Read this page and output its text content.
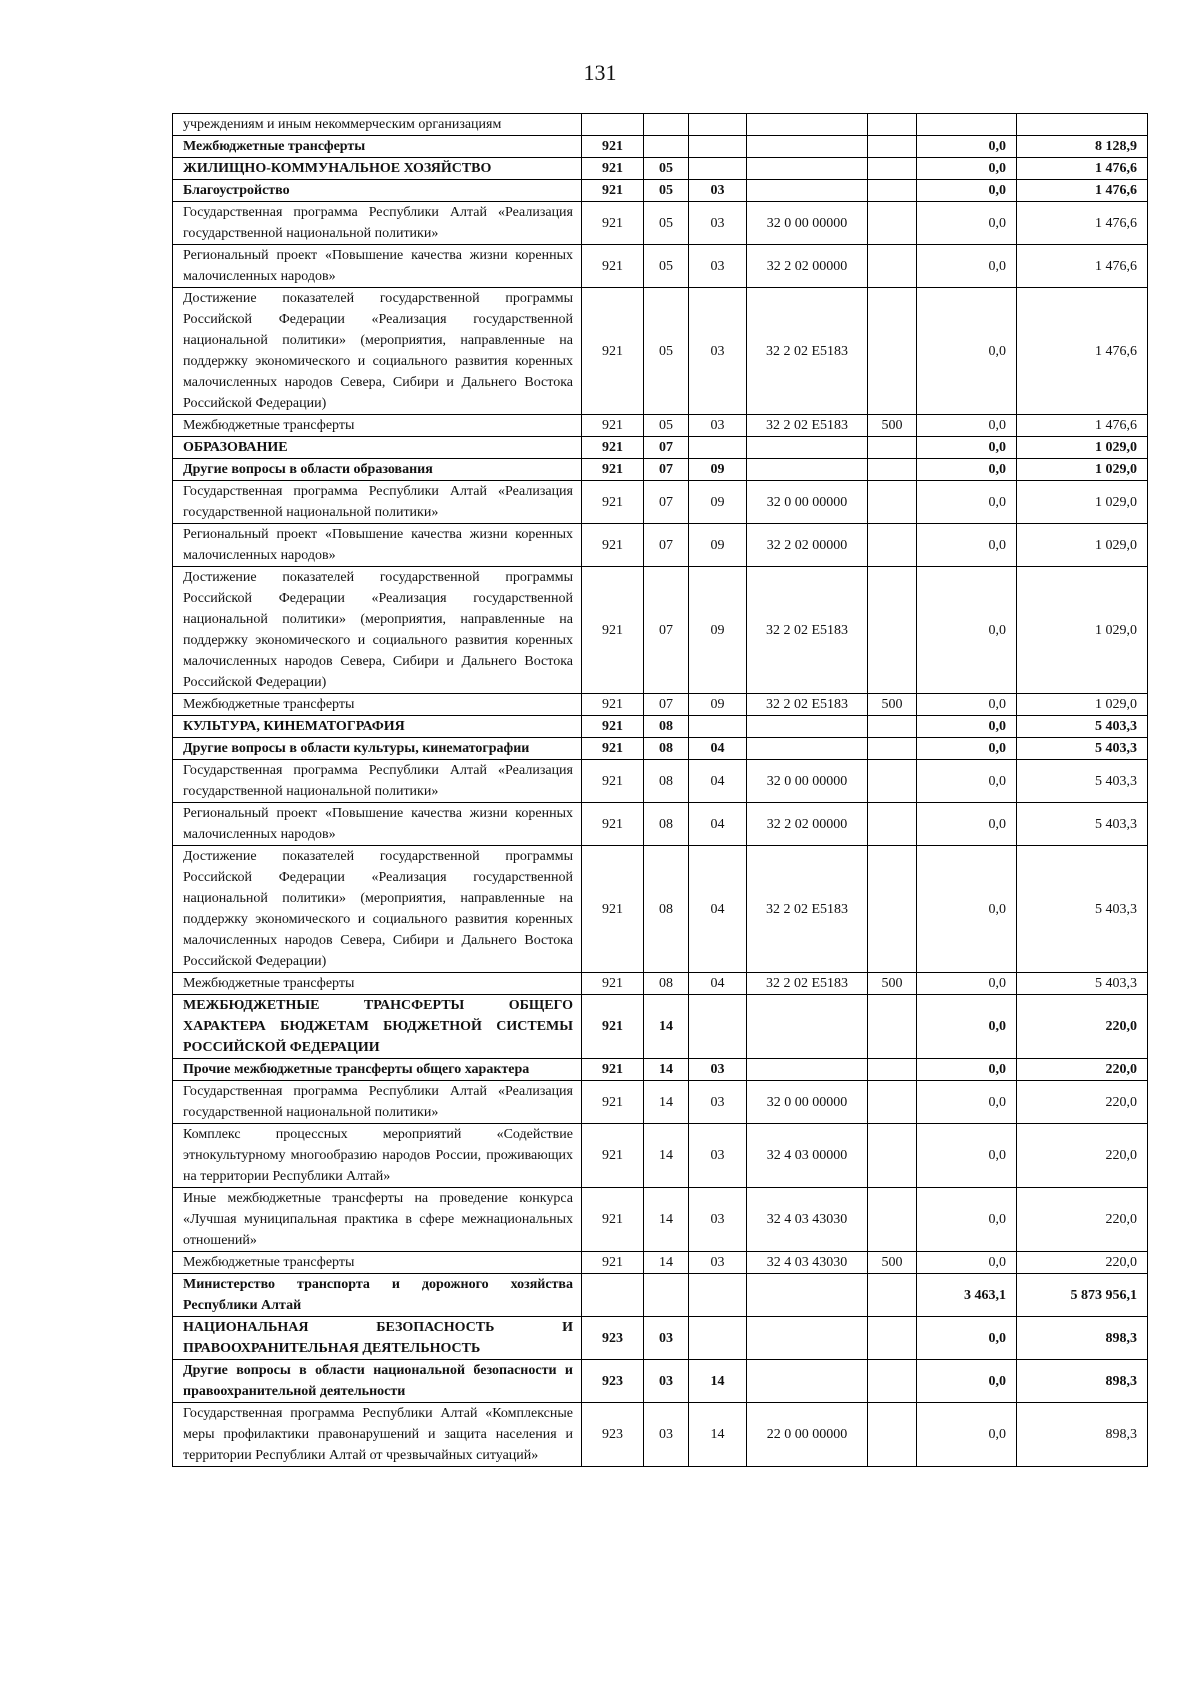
131
учреждениям и иным некоммерческим организациям							
Межбюджетные трансферты	921					0,0	8 128,9
ЖИЛИЩНО-КОММУНАЛЬНОЕ ХОЗЯЙСТВО	921	05				0,0	1 476,6
Благоустройство	921	05	03			0,0	1 476,6
Государственная программа Республики Алтай «Реализация государственной национальной политики»	921	05	03	32 0 00 00000		0,0	1 476,6
Региональный проект «Повышение качества жизни коренных малочисленных народов»	921	05	03	32 2 02 00000		0,0	1 476,6
Достижение показателей государственной программы Российской Федерации «Реализация государственной национальной политики» (мероприятия, направленные на поддержку экономического и социального развития коренных малочисленных народов Севера, Сибири и Дальнего Востока Российской Федерации)	921	05	03	32 2 02 E5183		0,0	1 476,6
Межбюджетные трансферты	921	05	03	32 2 02 E5183	500	0,0	1 476,6
ОБРАЗОВАНИЕ	921	07				0,0	1 029,0
Другие вопросы в области образования	921	07	09			0,0	1 029,0
Государственная программа Республики Алтай «Реализация государственной национальной политики»	921	07	09	32 0 00 00000		0,0	1 029,0
Региональный проект «Повышение качества жизни коренных малочисленных народов»	921	07	09	32 2 02 00000		0,0	1 029,0
Достижение показателей государственной программы Российской Федерации «Реализация государственной национальной политики» (мероприятия, направленные на поддержку экономического и социального развития коренных малочисленных народов Севера, Сибири и Дальнего Востока Российской Федерации)	921	07	09	32 2 02 E5183		0,0	1 029,0
Межбюджетные трансферты	921	07	09	32 2 02 E5183	500	0,0	1 029,0
КУЛЬТУРА, КИНЕМАТОГРАФИЯ	921	08				0,0	5 403,3
Другие вопросы в области культуры, кинематографии	921	08	04			0,0	5 403,3
Государственная программа Республики Алтай «Реализация государственной национальной политики»	921	08	04	32 0 00 00000		0,0	5 403,3
Региональный проект «Повышение качества жизни коренных малочисленных народов»	921	08	04	32 2 02 00000		0,0	5 403,3
Достижение показателей государственной программы Российской Федерации «Реализация государственной национальной политики» (мероприятия, направленные на поддержку экономического и социального развития коренных малочисленных народов Севера, Сибири и Дальнего Востока Российской Федерации)	921	08	04	32 2 02 E5183		0,0	5 403,3
Межбюджетные трансферты	921	08	04	32 2 02 E5183	500	0,0	5 403,3
МЕЖБЮДЖЕТНЫЕ ТРАНСФЕРТЫ ОБЩЕГО ХАРАКТЕРА БЮДЖЕТАМ БЮДЖЕТНОЙ СИСТЕМЫ РОССИЙСКОЙ ФЕДЕРАЦИИ	921	14				0,0	220,0
Прочие межбюджетные трансферты общего характера	921	14	03			0,0	220,0
Государственная программа Республики Алтай «Реализация государственной национальной политики»	921	14	03	32 0 00 00000		0,0	220,0
Комплекс процессных мероприятий «Содействие этнокультурному многообразию народов России, проживающих на территории Республики Алтай»	921	14	03	32 4 03 00000		0,0	220,0
Иные межбюджетные трансферты на проведение конкурса «Лучшая муниципальная практика в сфере межнациональных отношений»	921	14	03	32 4 03 43030		0,0	220,0
Межбюджетные трансферты	921	14	03	32 4 03 43030	500	0,0	220,0
Министерство транспорта и дорожного хозяйства Республики Алтай						3 463,1	5 873 956,1
НАЦИОНАЛЬНАЯ БЕЗОПАСНОСТЬ И ПРАВООХРАНИТЕЛЬНАЯ ДЕЯТЕЛЬНОСТЬ	923	03				0,0	898,3
Другие вопросы в области национальной безопасности и правоохранительной деятельности	923	03	14			0,0	898,3
Государственная программа Республики Алтай «Комплексные меры профилактики правонарушений и защита населения и территории Республики Алтай от чрезвычайных ситуаций»	923	03	14	22 0 00 00000		0,0	898,3
